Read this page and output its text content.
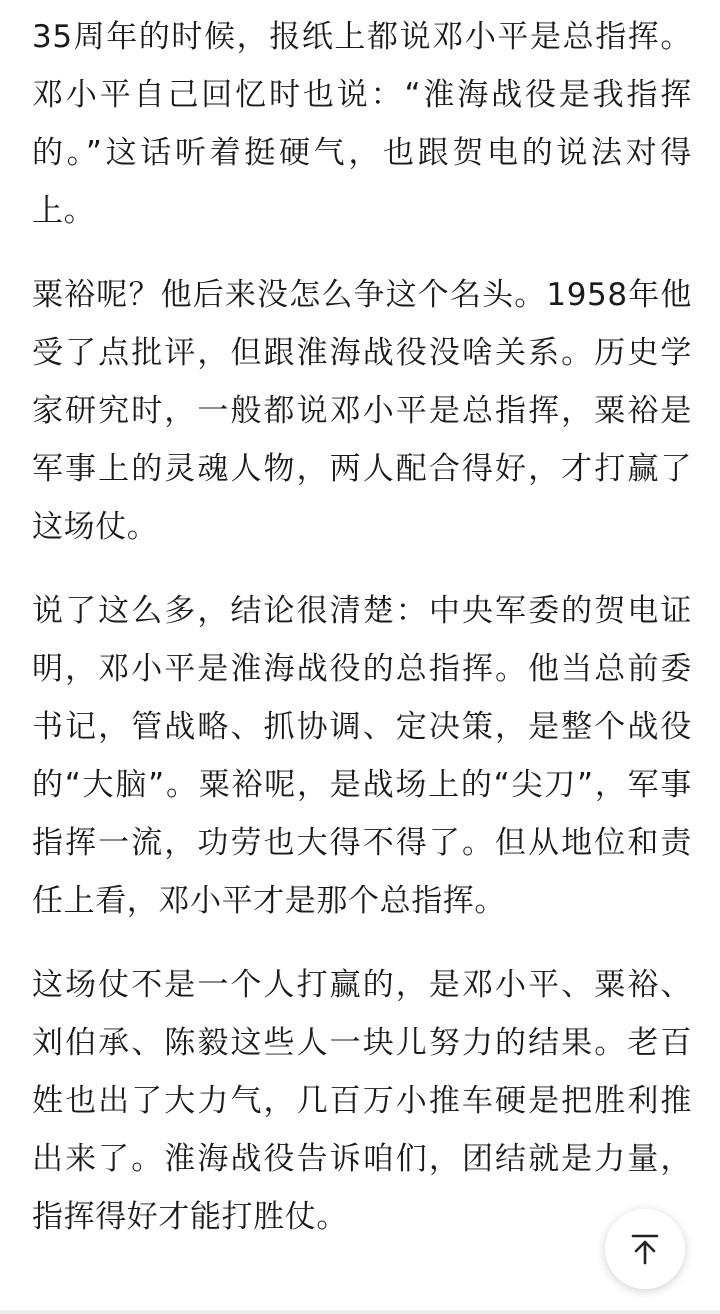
35周年的时候，报纸上都说邓小平是总指挥。邓小平自己回忆时也说：“淮海战役是我指挥的。”这话听着挺硬气，也跟贺电的说法对得上。

粟裕呢？他后来没怎么争这个名头。1958年他受了点批评，但跟淮海战役没啥关系。历史学家研究时，一般都说邓小平是总指挥，粟裕是军事上的灵魂人物，两人配合得好，才打赢了这场仗。

说了这么多，结论很清楚：中央军委的贺电证明，邓小平是淮海战役的总指挥。他当总前委书记，管战略、抓协调、定决策，是整个战役的“大脑”。粟裕呢，是战场上的“尖刀”，军事指挥一流，功劳也大得不得了。但从地位和责任上看，邓小平才是那个总指挥。

这场仗不是一个人打赢的，是邓小平、粟裕、刘伯承、陈毅这些人一块儿努力的结果。老百姓也出了大力气，几百万小推车硬是把胜利推出来了。淮海战役告诉咱们，团结就是力量，指挥得好才能打胜仗。
